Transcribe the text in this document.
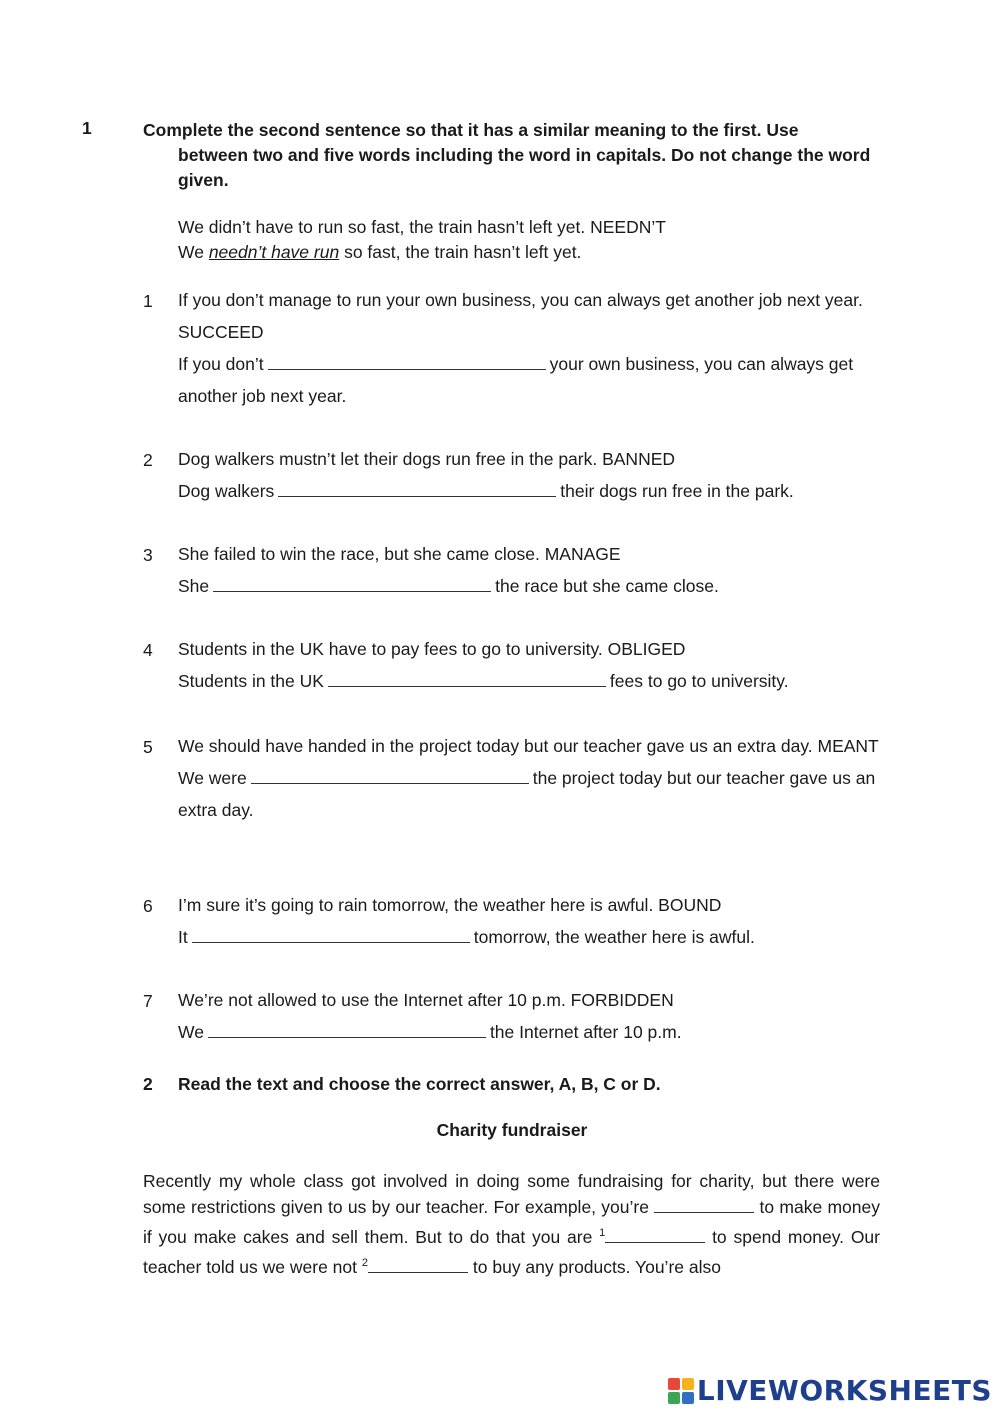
1	Complete the second sentence so that it has a similar meaning to the first. Use
between two and five words including the word in capitals. Do not change the word given.
We didn’t have to run so fast, the train hasn’t left yet. NEEDN’T
We needn’t have run so fast, the train hasn’t left yet.
1 If you don’t manage to run your own business, you can always get another job next year. SUCCEED
If you don’t	your own business, you can always get another job next year.
2 Dog walkers mustn’t let their dogs run free in the park. BANNED
Dog walkers	their dogs run free in the park.
3 She failed to win the race, but she came close. MANAGE
She	the race but she came close.
4 Students in the UK have to pay fees to go to university. OBLIGED
Students in the UK	fees to go to university.
5 We should have handed in the project today but our teacher gave us an extra day. MEANT
We were	the project today but our teacher gave us an extra day.
6 I’m sure it’s going to rain tomorrow, the weather here is awful. BOUND
It	tomorrow, the weather here is awful.
7 We’re not allowed to use the Internet after 10 p.m. FORBIDDEN
We	the Internet after 10 p.m.
2 Read the text and choose the correct answer, A, B, C or D.
Charity fundraiser
Recently my whole class got involved in doing some fundraising for charity, but there were some restrictions given to us by our teacher. For example, you’re	to make money if you make cakes and sell them. But to do that you are $^1$	to spend money. Our teacher told us we were not $^2$	to buy any products. You’re also
LIVEWORKSHEETS
